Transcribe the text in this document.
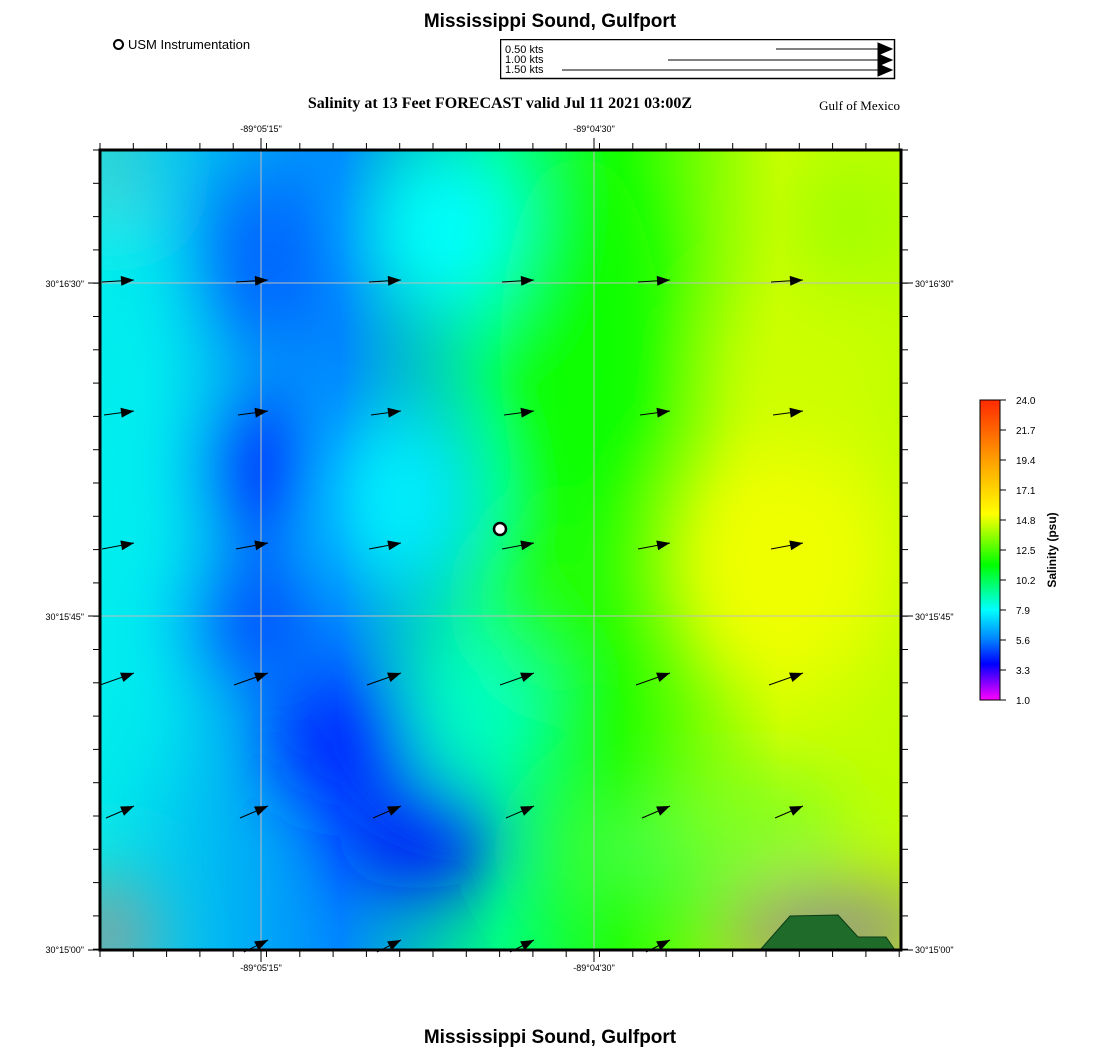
Mississippi Sound, Gulfport
USM Instrumentation	0.50 kts
1.00 kts
1.50 kts
Salinity at 13 Feet FORECAST valid Jul 11 2021 03:00Z	Gulf of Mexico
-89°05'15"	-89°04'30"
-89°05'15"	-89°04'30"
30°16'30"
30°15'45"
30°15'00"
30°16'30"
30°15'45"
30°15'00"
24.0
21.7
19.4
17.1
14.8
12.5
10.2
7.9
5.6
3.3
1.0
Salinity (psu)
Mississippi Sound, Gulfport
